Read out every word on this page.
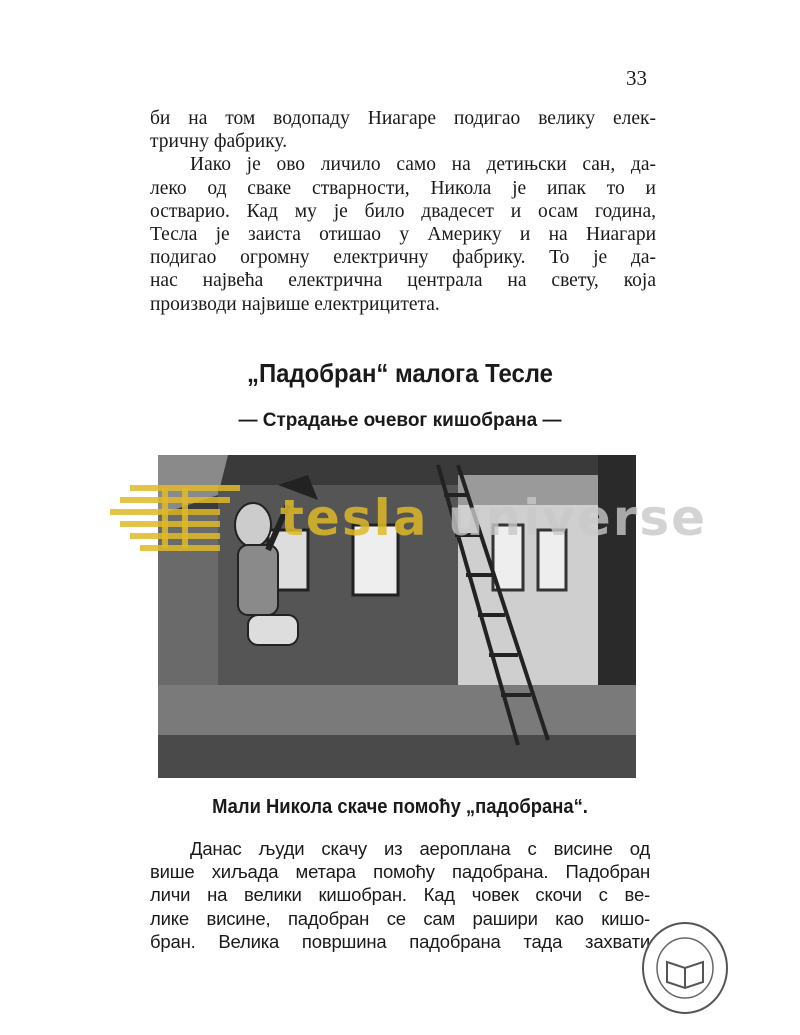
33
би на том водопаду Ниагаре подигао велику елек-
тричну фабрику.
Иако је ово личило само на детињски сан, да-
леко од сваке стварности, Никола је ипак то и
остварио. Кад му је било двадесет и осам година,
Тесла је заиста отишао у Америку и на Ниагари
подигао огромну електричну фабрику. То је да-
нас највећа електрична централа на свету, која
производи највише електрицитета.
„Падобран“ малога Тесле
— Страдање очевог кишобрана —
tesla universe
Мали Никола скаче помоћу „падобрана“.
Данас људи скачу из аероплана с висине од
више хиљада метара помоћу падобрана. Падобран
личи на велики кишобран. Кад човек скочи с ве-
лике висине, падобран се сам рашири као кишо-
бран. Велика површина падобрана тада захвати
